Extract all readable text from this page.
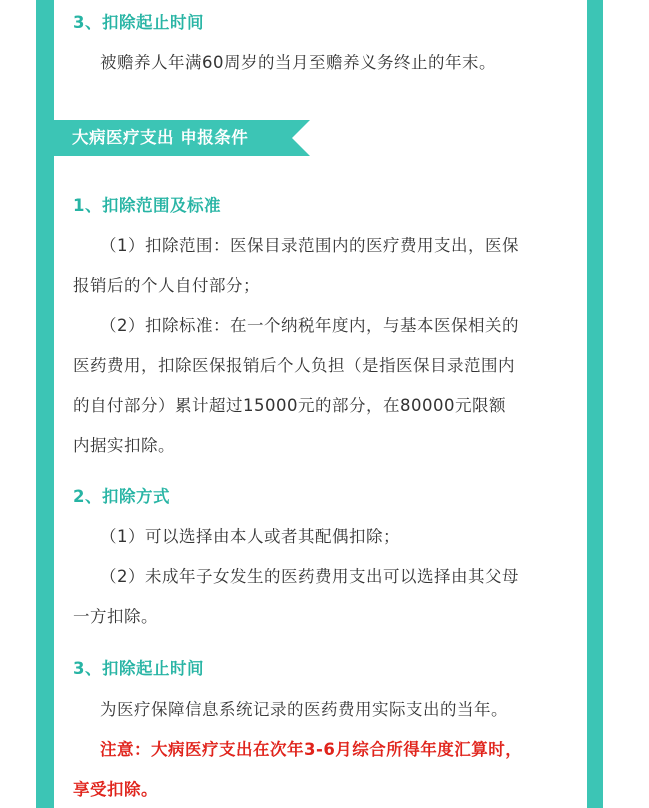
3、扣除起止时间
被赡养人年满60周岁的当月至赡养义务终止的年末。
大病医疗支出 申报条件
1、扣除范围及标准
（1）扣除范围：医保目录范围内的医疗费用支出，医保
报销后的个人自付部分；
（2）扣除标准：在一个纳税年度内，与基本医保相关的
医药费用，扣除医保报销后个人负担（是指医保目录范围内
的自付部分）累计超过15000元的部分，在80000元限额
内据实扣除。
2、扣除方式
（1）可以选择由本人或者其配偶扣除；
（2）未成年子女发生的医药费用支出可以选择由其父母
一方扣除。
3、扣除起止时间
为医疗保障信息系统记录的医药费用实际支出的当年。
注意：大病医疗支出在次年3-6月综合所得年度汇算时，
享受扣除。
